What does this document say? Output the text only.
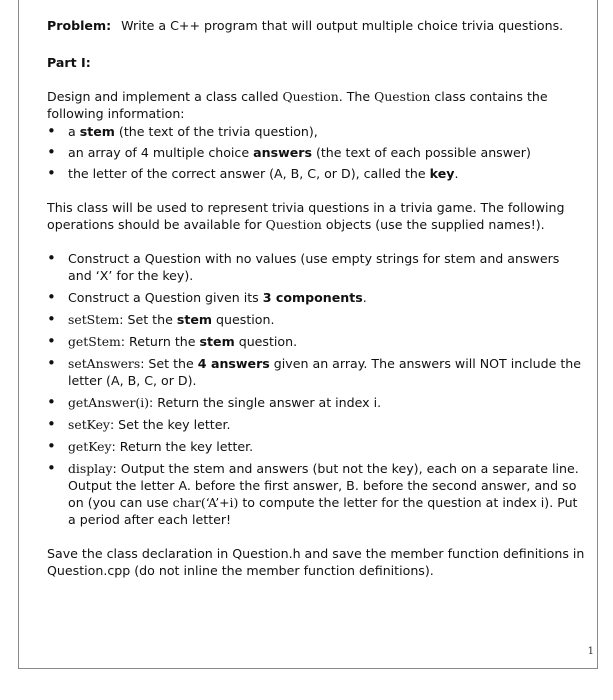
Problem: Write a C++ program that will output multiple choice trivia questions.

Part I:

Design and implement a class called Question. The Question class contains the following information:

• a stem (the text of the trivia question),
• an array of 4 multiple choice answers (the text of each possible answer)
• the letter of the correct answer (A, B, C, or D), called the key.

This class will be used to represent trivia questions in a trivia game. The following operations should be available for Question objects (use the supplied names!).

• Construct a Question with no values (use empty strings for stem and answers and ‘X’ for the key).
• Construct a Question given its 3 components.
• setStem: Set the stem question.
• getStem: Return the stem question.
• setAnswers: Set the 4 answers given an array. The answers will NOT include the letter (A, B, C, or D).
• getAnswer(i): Return the single answer at index i.
• setKey: Set the key letter.
• getKey: Return the key letter.
• display: Output the stem and answers (but not the key), each on a separate line. Output the letter A. before the first answer, B. before the second answer, and so on (you can use char(‘A’+i) to compute the letter for the question at index i). Put a period after each letter!

Save the class declaration in Question.h and save the member function definitions in Question.cpp (do not inline the member function definitions).

1
